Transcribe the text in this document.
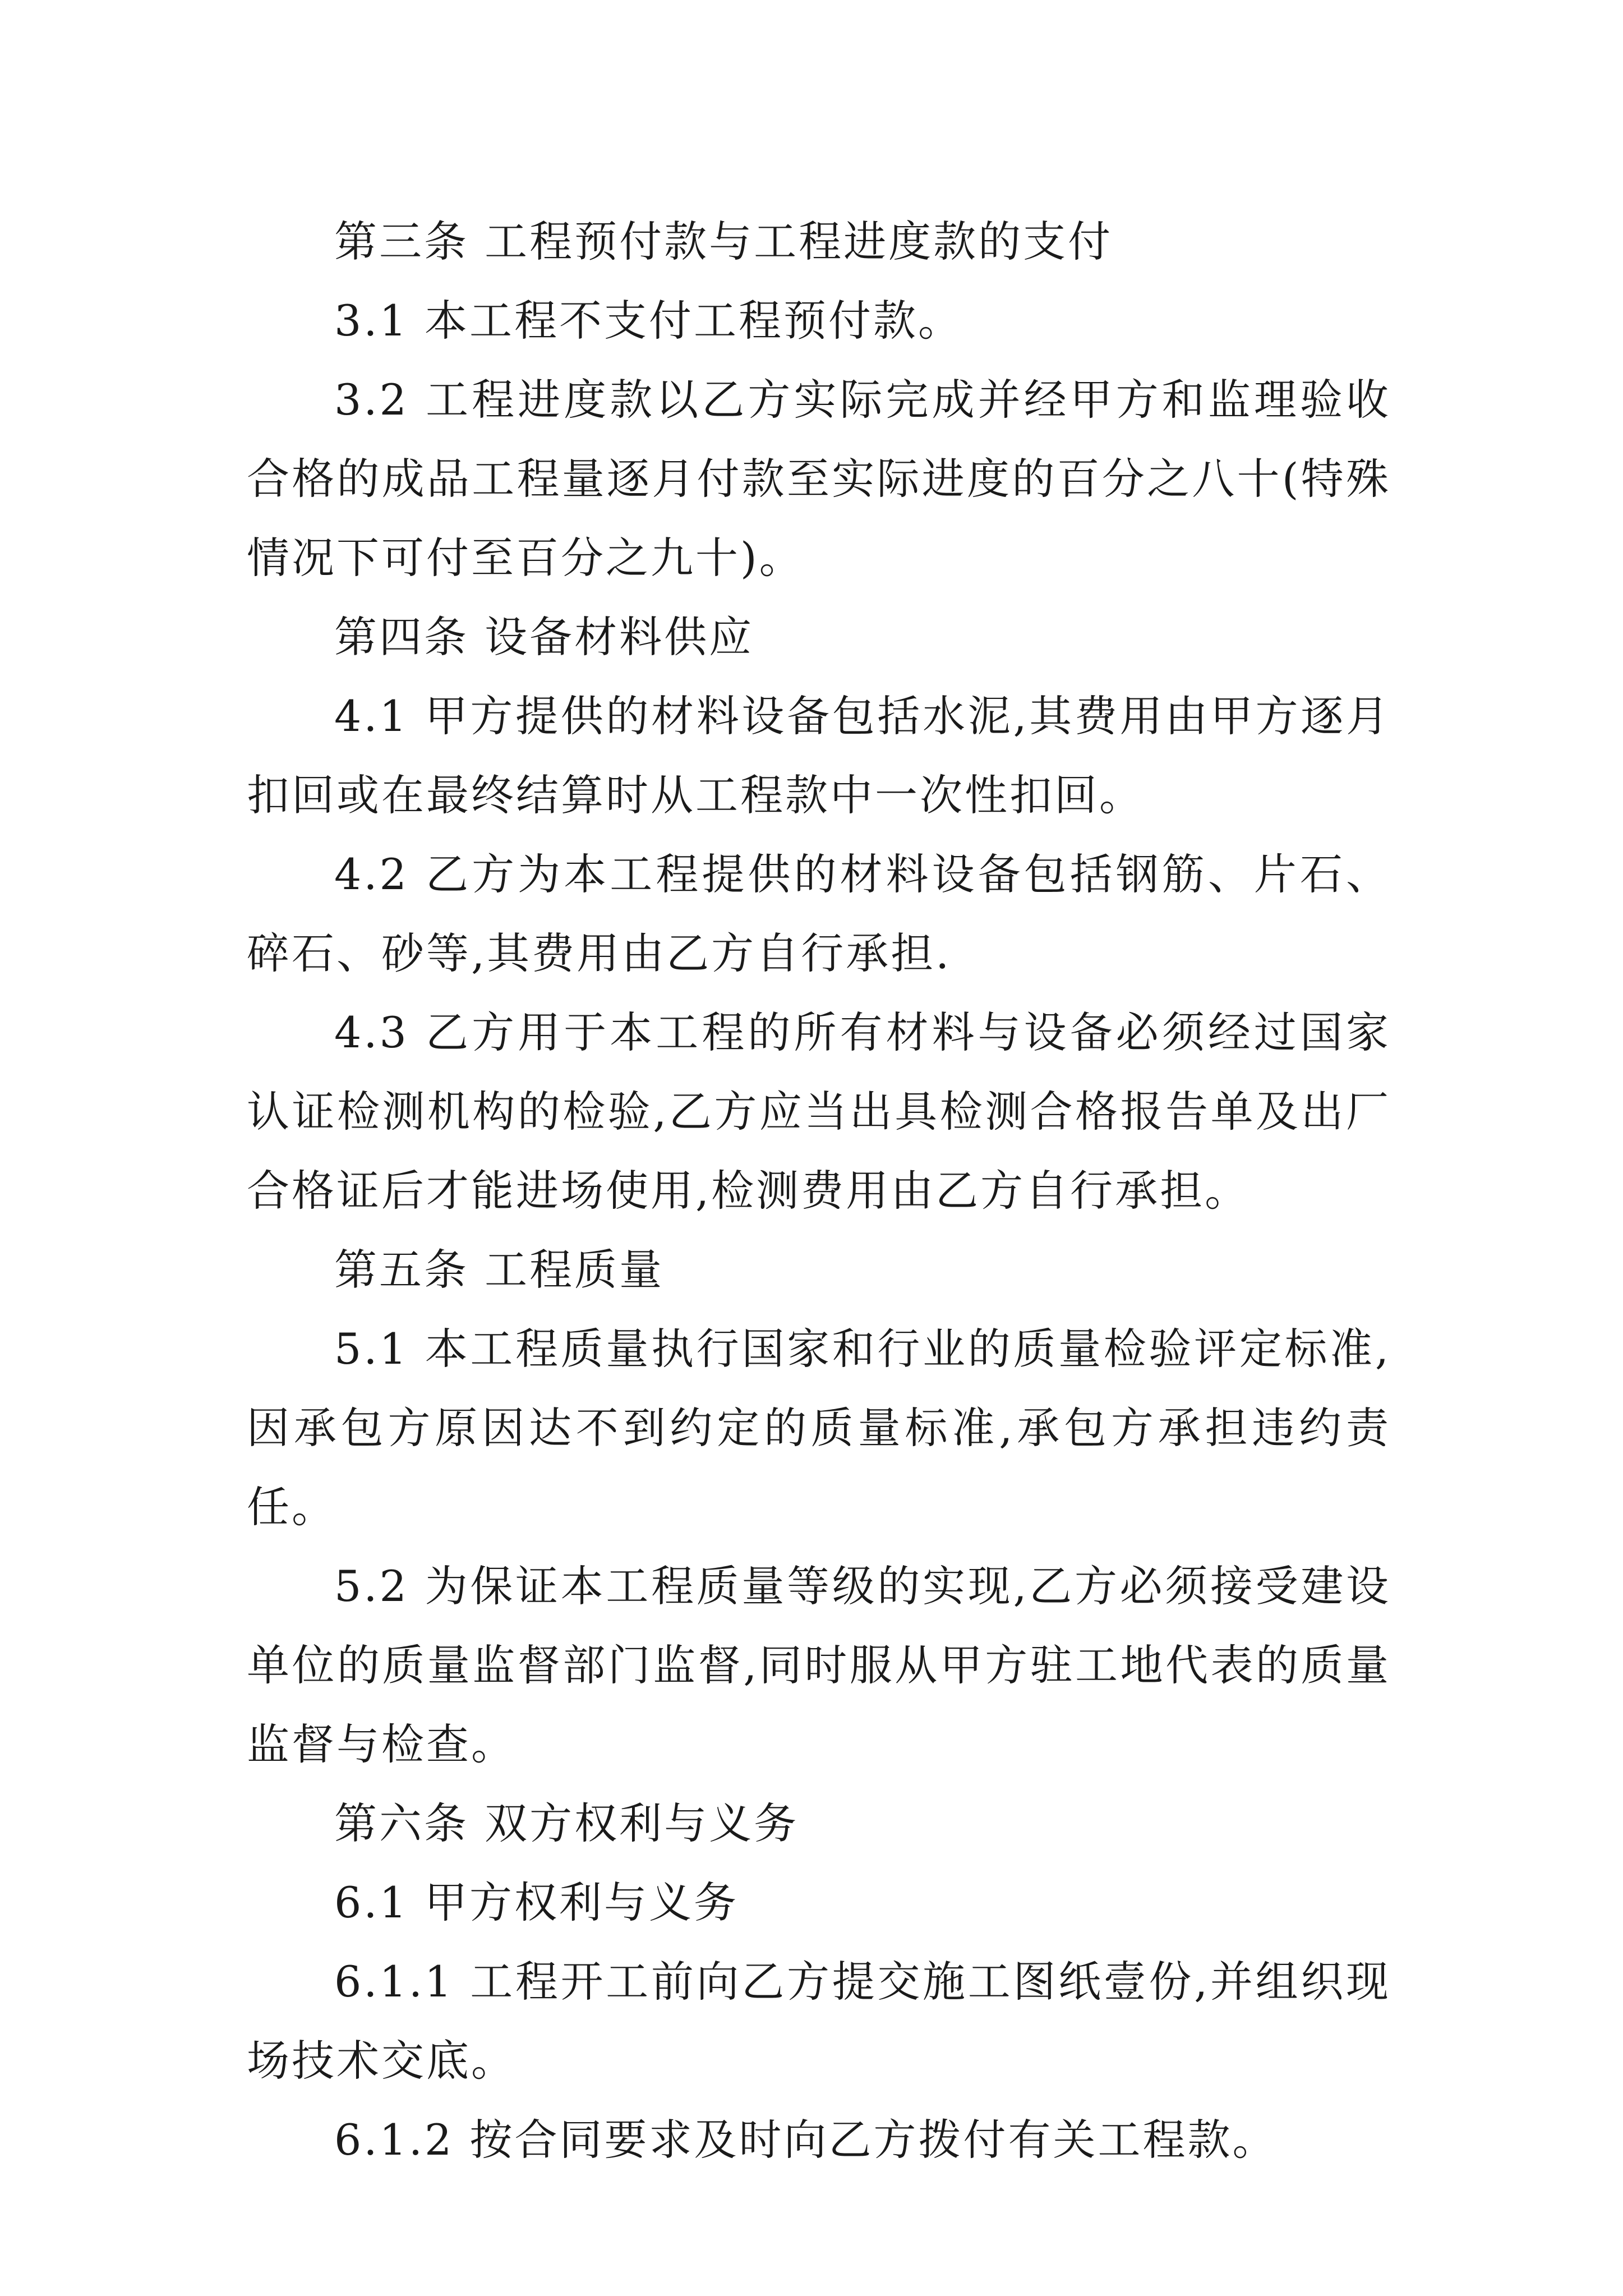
第三条 工程预付款与工程进度款的支付

3.1 本工程不支付工程预付款。

3.2 工程进度款以乙方实际完成并经甲方和监理验收合格的成品工程量逐月付款至实际进度的百分之八十(特殊情况下可付至百分之九十)。

第四条 设备材料供应

4.1 甲方提供的材料设备包括水泥,其费用由甲方逐月扣回或在最终结算时从工程款中一次性扣回。

4.2 乙方为本工程提供的材料设备包括钢筋、片石、碎石、砂等,其费用由乙方自行承担.

4.3 乙方用于本工程的所有材料与设备必须经过国家认证检测机构的检验,乙方应当出具检测合格报告单及出厂合格证后才能进场使用,检测费用由乙方自行承担。

第五条 工程质量

5.1 本工程质量执行国家和行业的质量检验评定标准,因承包方原因达不到约定的质量标准,承包方承担违约责任。

5.2 为保证本工程质量等级的实现,乙方必须接受建设单位的质量监督部门监督,同时服从甲方驻工地代表的质量监督与检查。

第六条 双方权利与义务

6.1 甲方权利与义务

6.1.1 工程开工前向乙方提交施工图纸壹份,并组织现场技术交底。

6.1.2 按合同要求及时向乙方拨付有关工程款。
